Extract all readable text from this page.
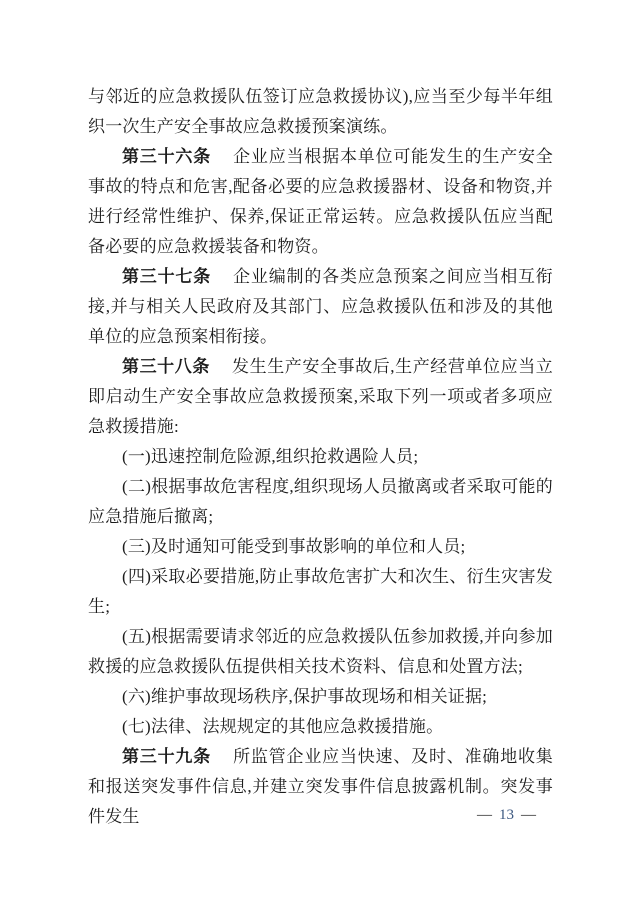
与邻近的应急救援队伍签订应急救援协议),应当至少每半年组织一次生产安全事故应急救援预案演练。

第三十六条 企业应当根据本单位可能发生的生产安全事故的特点和危害,配备必要的应急救援器材、设备和物资,并进行经常性维护、保养,保证正常运转。应急救援队伍应当配备必要的应急救援装备和物资。

第三十七条 企业编制的各类应急预案之间应当相互衔接,并与相关人民政府及其部门、应急救援队伍和涉及的其他单位的应急预案相衔接。

第三十八条 发生生产安全事故后,生产经营单位应当立即启动生产安全事故应急救援预案,采取下列一项或者多项应急救援措施:

(一)迅速控制危险源,组织抢救遇险人员;

(二)根据事故危害程度,组织现场人员撤离或者采取可能的应急措施后撤离;

(三)及时通知可能受到事故影响的单位和人员;

(四)采取必要措施,防止事故危害扩大和次生、衍生灾害发生;

(五)根据需要请求邻近的应急救援队伍参加救援,并向参加救援的应急救援队伍提供相关技术资料、信息和处置方法;

(六)维护事故现场秩序,保护事故现场和相关证据;

(七)法律、法规规定的其他应急救援措施。

第三十九条 所监管企业应当快速、及时、准确地收集和报送突发事件信息,并建立突发事件信息披露机制。突发事件发生	— 13 —
